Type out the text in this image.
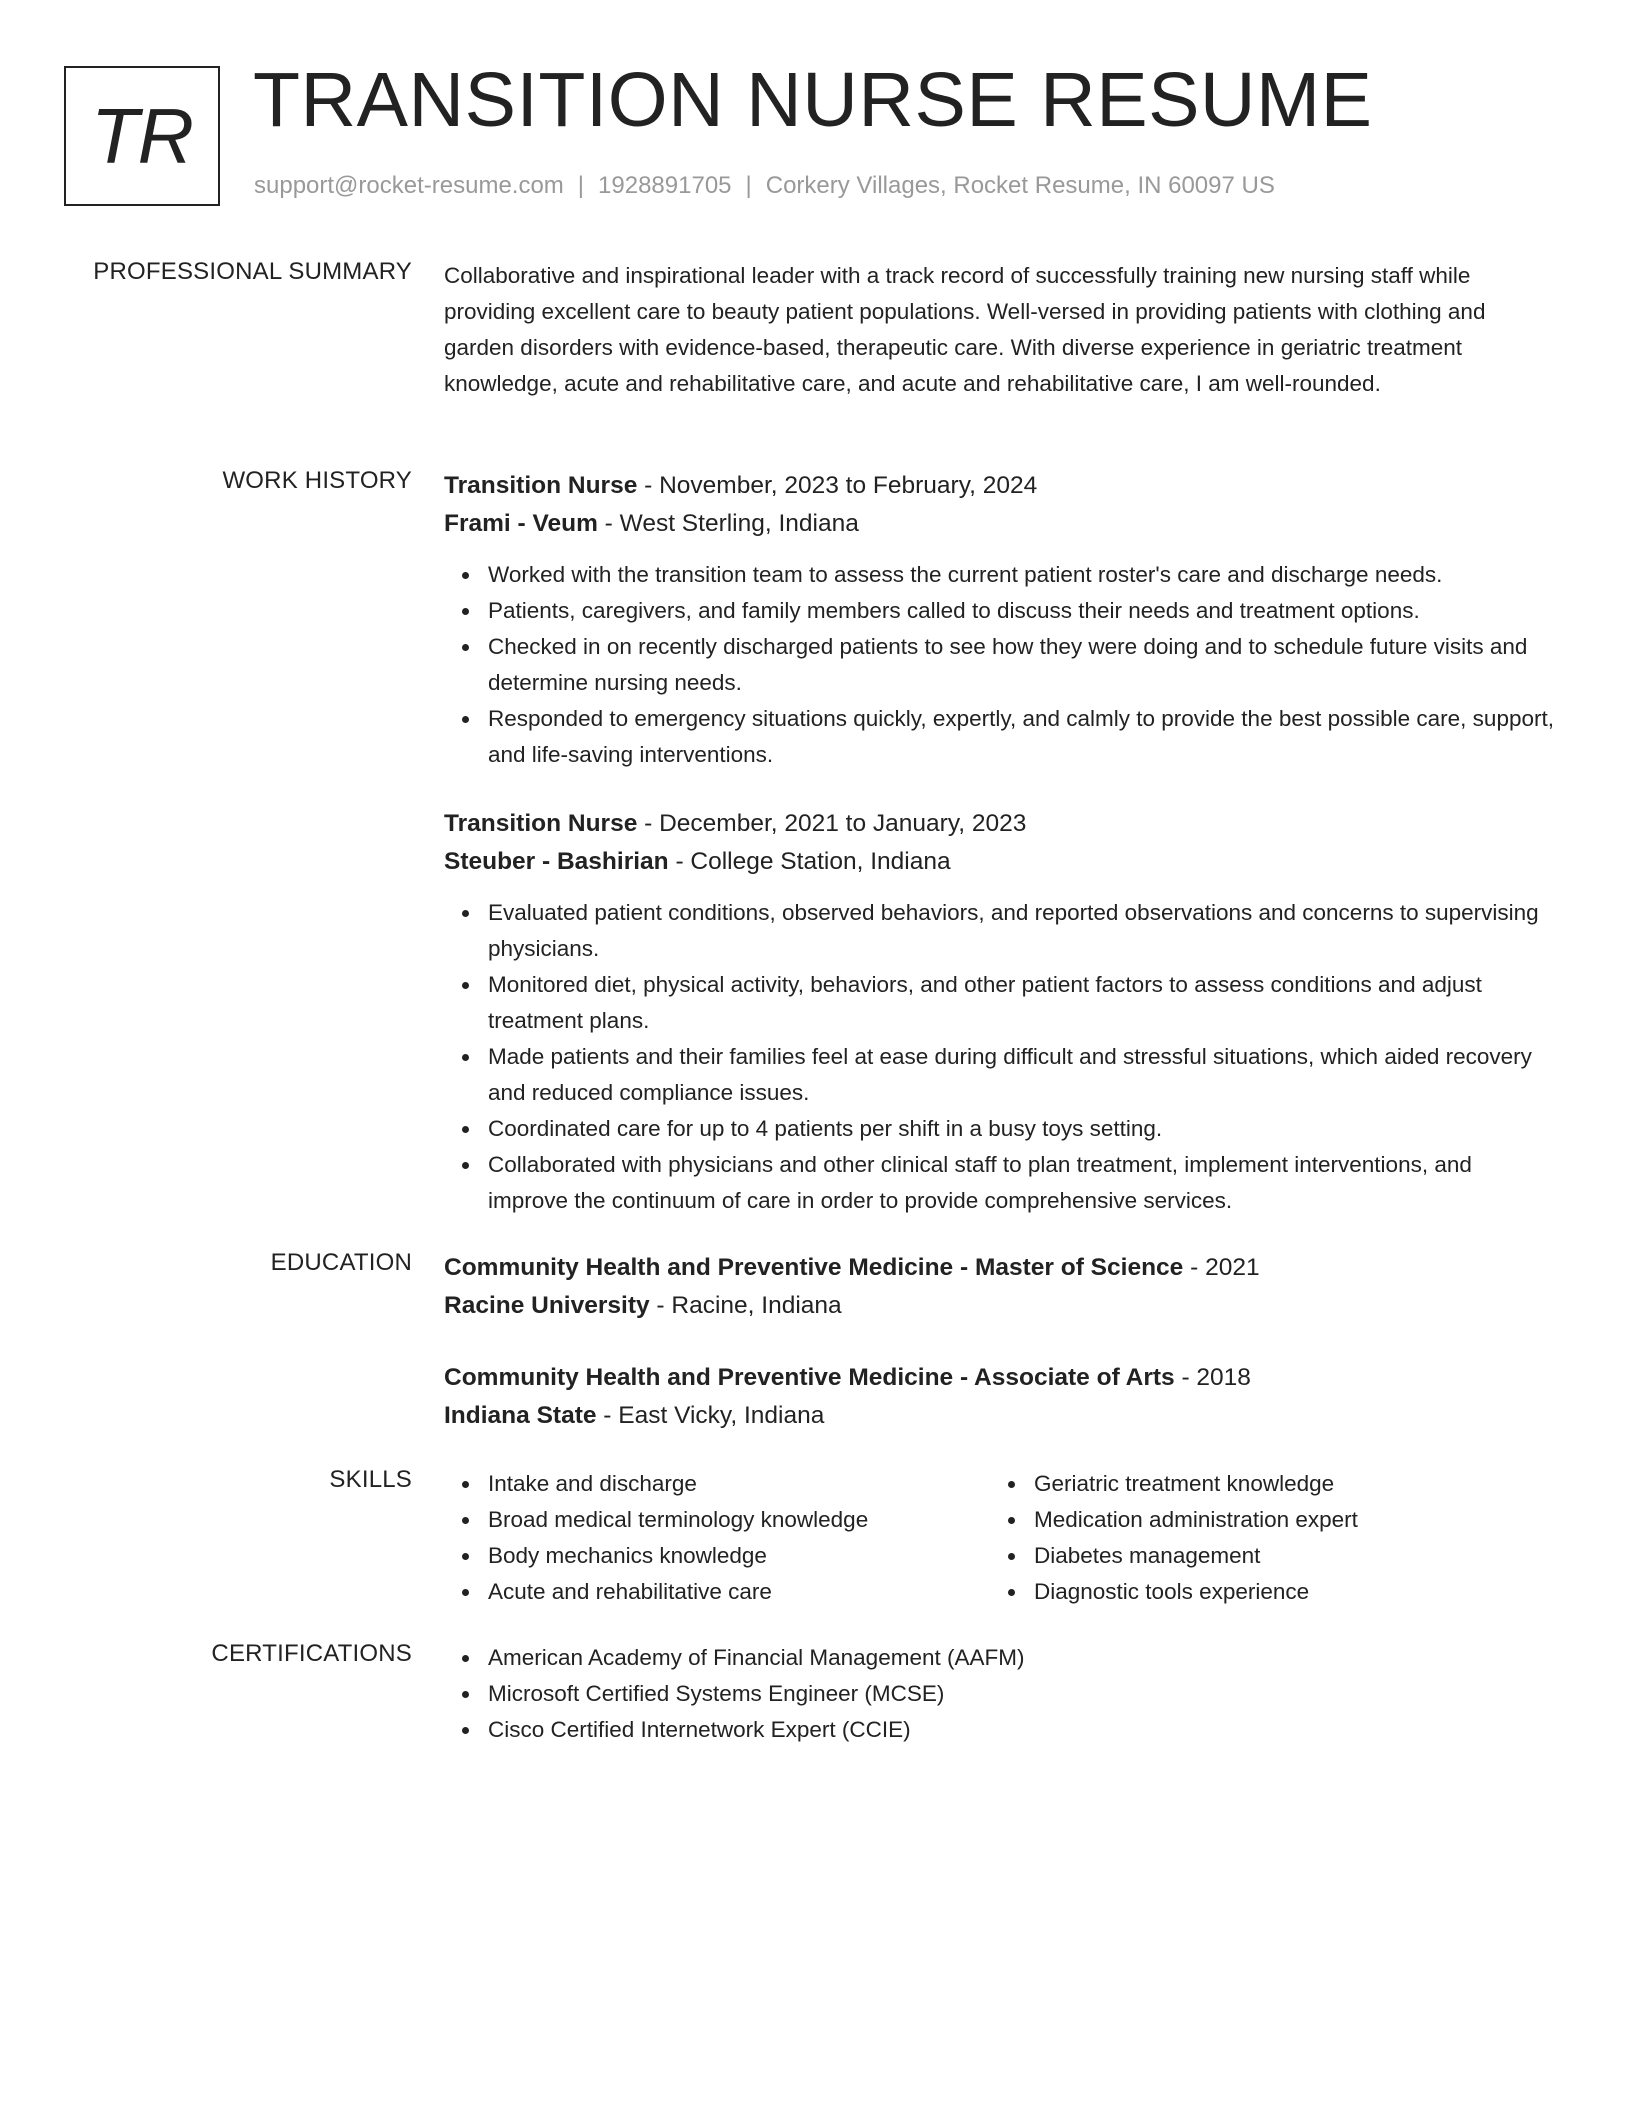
TR TRANSITION NURSE RESUME
support@rocket-resume.com | 1928891705 | Corkery Villages, Rocket Resume, IN 60097 US
PROFESSIONAL SUMMARY Collaborative and inspirational leader with a track record of successfully training new nursing staff while providing excellent care to beauty patient populations. Well-versed in providing patients with clothing and garden disorders with evidence-based, therapeutic care. With diverse experience in geriatric treatment knowledge, acute and rehabilitative care, and acute and rehabilitative care, I am well-rounded.

WORK HISTORY Transition Nurse - November, 2023 to February, 2024
Frami - Veum - West Sterling, Indiana
Worked with the transition team to assess the current patient roster's care and discharge needs.
Patients, caregivers, and family members called to discuss their needs and treatment options.
Checked in on recently discharged patients to see how they were doing and to schedule future visits and determine nursing needs.
Responded to emergency situations quickly, expertly, and calmly to provide the best possible care, support, and life-saving interventions.
Transition Nurse - December, 2021 to January, 2023
Steuber - Bashirian - College Station, Indiana
Evaluated patient conditions, observed behaviors, and reported observations and concerns to supervising physicians.
Monitored diet, physical activity, behaviors, and other patient factors to assess conditions and adjust treatment plans.
Made patients and their families feel at ease during difficult and stressful situations, which aided recovery and reduced compliance issues.
Coordinated care for up to 4 patients per shift in a busy toys setting.
Collaborated with physicians and other clinical staff to plan treatment, implement interventions, and improve the continuum of care in order to provide comprehensive services.
EDUCATION Community Health and Preventive Medicine - Master of Science - 2021
Racine University - Racine, Indiana
Community Health and Preventive Medicine - Associate of Arts - 2018
Indiana State - East Vicky, Indiana
SKILLS	Intake and discharge
Broad medical terminology knowledge
Body mechanics knowledge
Acute and rehabilitative care
Geriatric treatment knowledge
Medication administration expert
Diabetes management
Diagnostic tools experience
CERTIFICATIONS	American Academy of Financial Management (AAFM)
Microsoft Certified Systems Engineer (MCSE)
Cisco Certified Internetwork Expert (CCIE)
